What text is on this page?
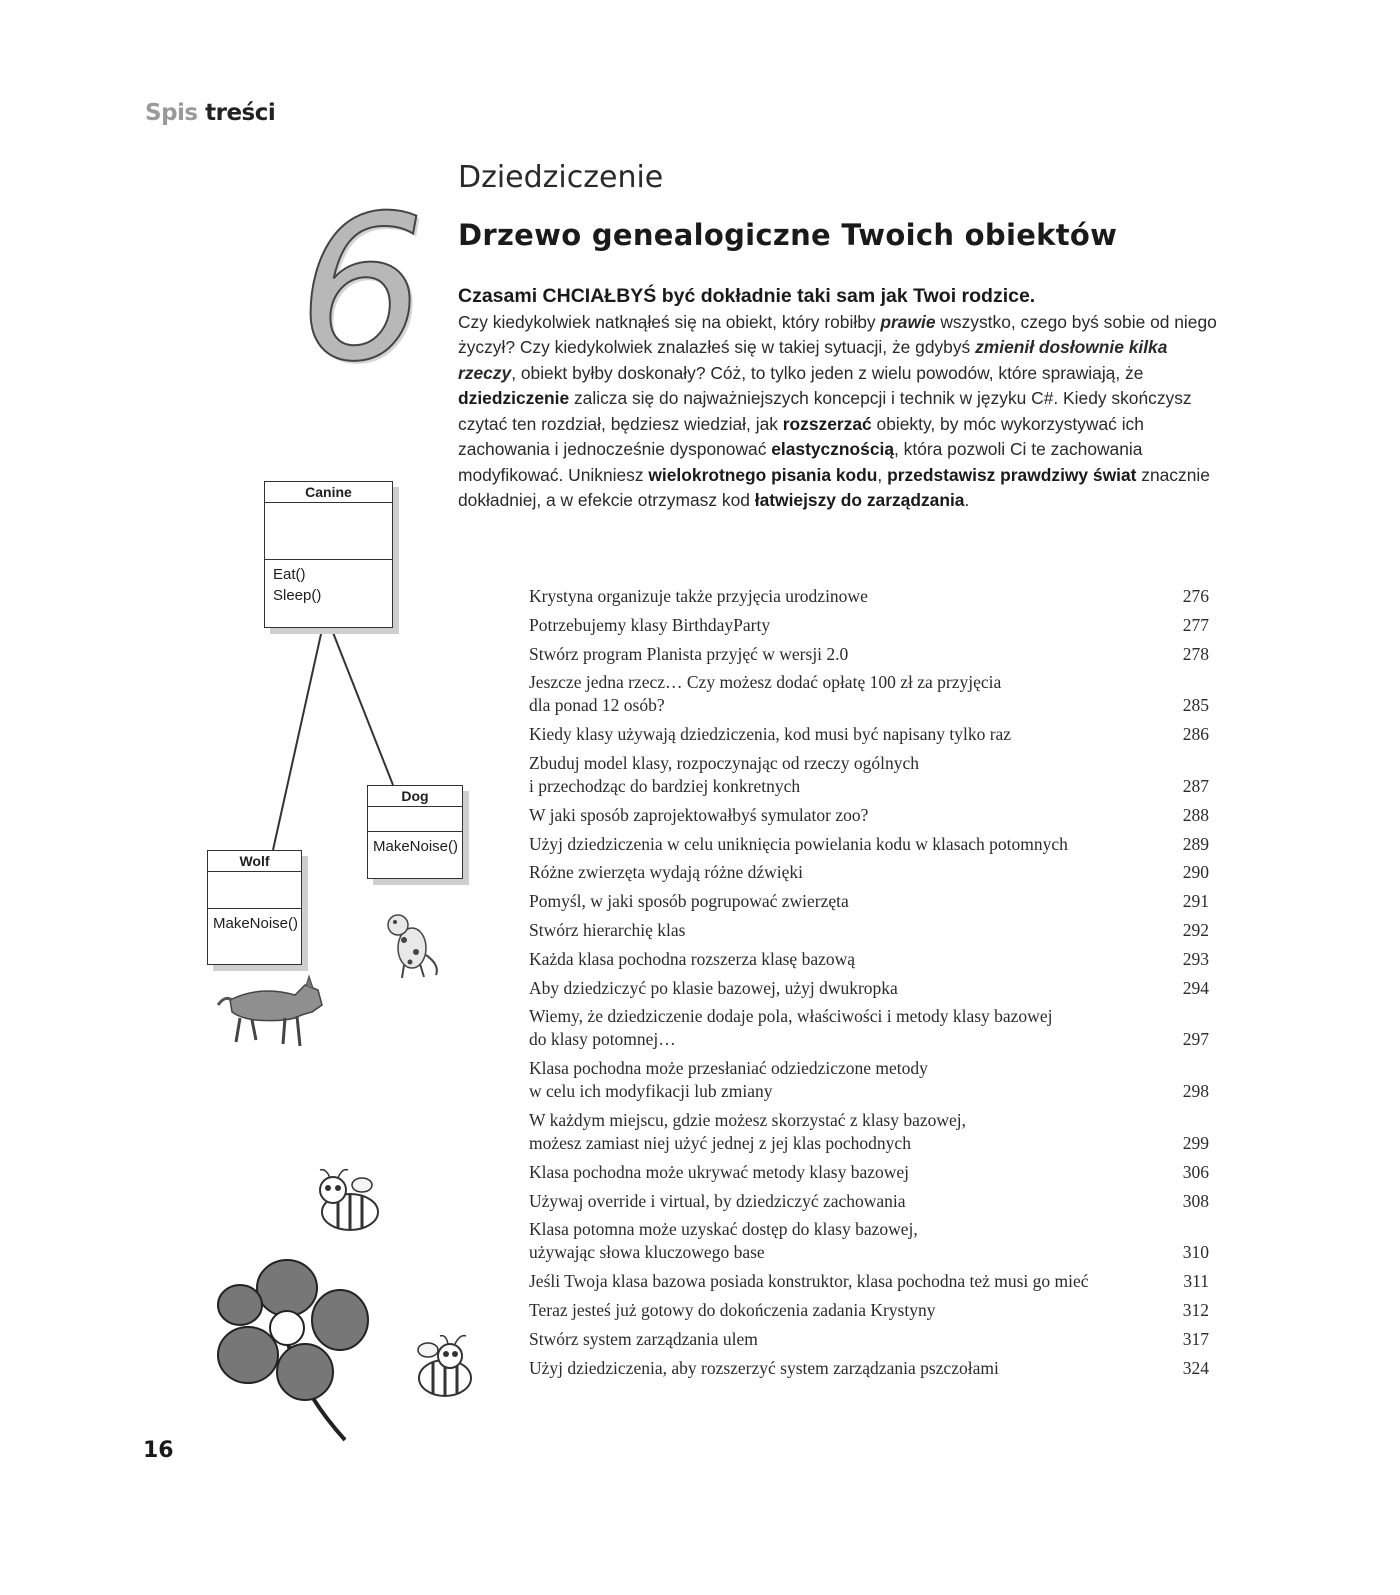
Spis treści
6 Dziedziczenie
Drzewo genealogiczne Twoich obiektów
Czasami CHCIAŁBYŚ być dokładnie taki sam jak Twoi rodzice.
Czy kiedykolwiek natknąłeś się na obiekt, który robiłby prawie wszystko, czego byś sobie od niego życzył? Czy kiedykolwiek znalazłeś się w takiej sytuacji, że gdybyś zmienił dosłownie kilka rzeczy, obiekt byłby doskonały? Cóż, to tylko jeden z wielu powodów, które sprawiają, że dziedziczenie zalicza się do najważniejszych koncepcji i technik w języku C#. Kiedy skończysz czytać ten rozdział, będziesz wiedział, jak rozszerzać obiekty, by móc wykorzystywać ich zachowania i jednocześnie dysponować elastycznością, która pozwoli Ci te zachowania modyfikować. Unikniesz wielokrotnego pisania kodu, przedstawisz prawdziwy świat znacznie dokładniej, a w efekcie otrzymasz kod łatwiejszy do zarządzania.
Canine
Eat()
Sleep()
Dog
MakeNoise()
Wolf
MakeNoise()
Krystyna organizuje także przyjęcia urodzinowe	276
Potrzebujemy klasy BirthdayParty	277
Stwórz program Planista przyjęć w wersji 2.0	278
Jeszcze jedna rzecz… Czy możesz dodać opłatę 100 zł za przyjęcia
dla ponad 12 osób?	285
Kiedy klasy używają dziedziczenia, kod musi być napisany tylko raz	286
Zbuduj model klasy, rozpoczynając od rzeczy ogólnych
i przechodząc do bardziej konkretnych	287
W jaki sposób zaprojektowałbyś symulator zoo?	288
Użyj dziedziczenia w celu uniknięcia powielania kodu w klasach potomnych	289
Różne zwierzęta wydają różne dźwięki	290
Pomyśl, w jaki sposób pogrupować zwierzęta	291
Stwórz hierarchię klas	292
Każda klasa pochodna rozszerza klasę bazową	293
Aby dziedziczyć po klasie bazowej, użyj dwukropka	294
Wiemy, że dziedziczenie dodaje pola, właściwości i metody klasy bazowej
do klasy potomnej…	297
Klasa pochodna może przesłaniać odziedziczone metody
w celu ich modyfikacji lub zmiany	298
W każdym miejscu, gdzie możesz skorzystać z klasy bazowej,
możesz zamiast niej użyć jednej z jej klas pochodnych	299
Klasa pochodna może ukrywać metody klasy bazowej	306
Używaj override i virtual, by dziedziczyć zachowania	308
Klasa potomna może uzyskać dostęp do klasy bazowej,
używając słowa kluczowego base	310
Jeśli Twoja klasa bazowa posiada konstruktor, klasa pochodna też musi go mieć	311
Teraz jesteś już gotowy do dokończenia zadania Krystyny	312
Stwórz system zarządzania ulem	317
Użyj dziedziczenia, aby rozszerzyć system zarządzania pszczołami	324
16
